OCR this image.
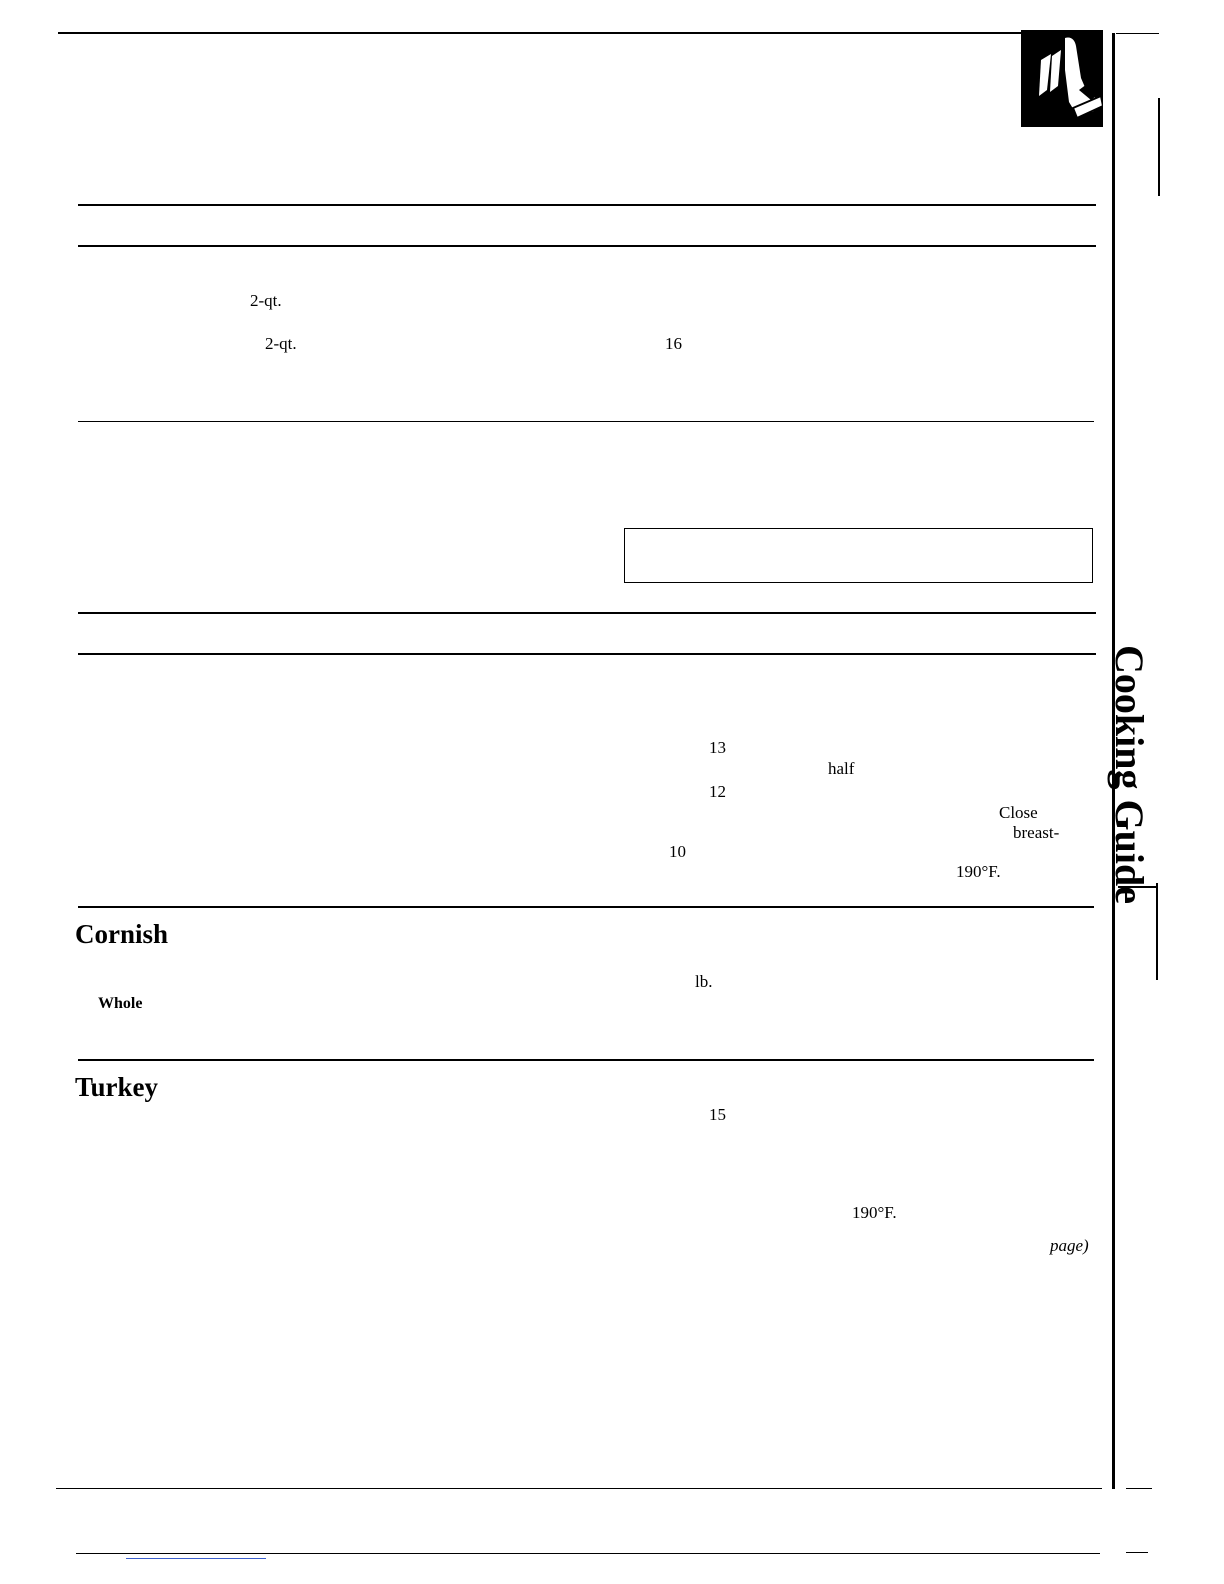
Cooking Guide
2-qt.
2-qt.	16
13
half
12
Close
breast-
10
190°F.
Cornish
Whole
lb.
Turkey
15
190°F.
page)
